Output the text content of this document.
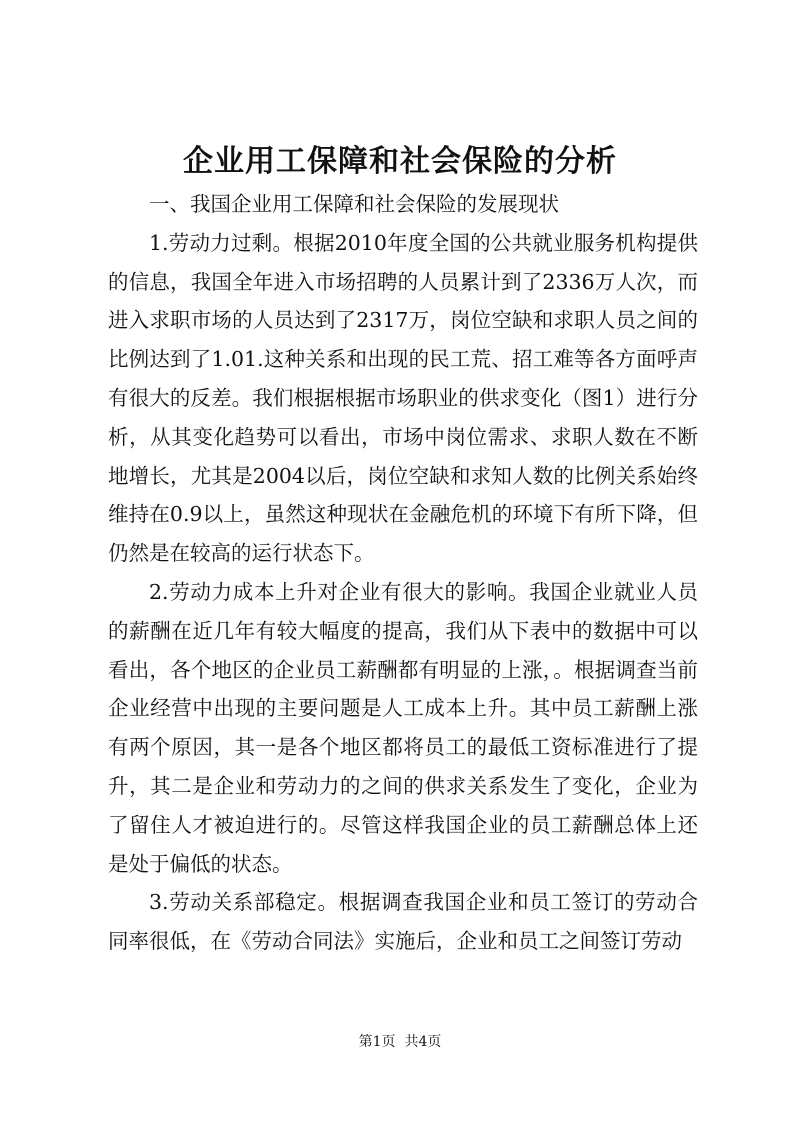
企业用工保障和社会保险的分析

一、我国企业用工保障和社会保险的发展现状

1.劳动力过剩。根据2010年度全国的公共就业服务机构提供的信息，我国全年进入市场招聘的人员累计到了2336万人次，而进入求职市场的人员达到了2317万，岗位空缺和求职人员之间的比例达到了1.01.这种关系和出现的民工荒、招工难等各方面呼声有很大的反差。我们根据根据市场职业的供求变化（图1）进行分析，从其变化趋势可以看出，市场中岗位需求、求职人数在不断地增长，尤其是2004以后，岗位空缺和求知人数的比例关系始终维持在0.9以上，虽然这种现状在金融危机的环境下有所下降，但仍然是在较高的运行状态下。

2.劳动力成本上升对企业有很大的影响。我国企业就业人员的薪酬在近几年有较大幅度的提高，我们从下表中的数据中可以看出，各个地区的企业员工薪酬都有明显的上涨，。根据调查当前企业经营中出现的主要问题是人工成本上升。其中员工薪酬上涨有两个原因，其一是各个地区都将员工的最低工资标准进行了提升，其二是企业和劳动力的之间的供求关系发生了变化，企业为了留住人才被迫进行的。尽管这样我国企业的员工薪酬总体上还是处于偏低的状态。

3.劳动关系部稳定。根据调查我国企业和员工签订的劳动合同率很低，在《劳动合同法》实施后，企业和员工之间签订劳动

第1页  共4页
